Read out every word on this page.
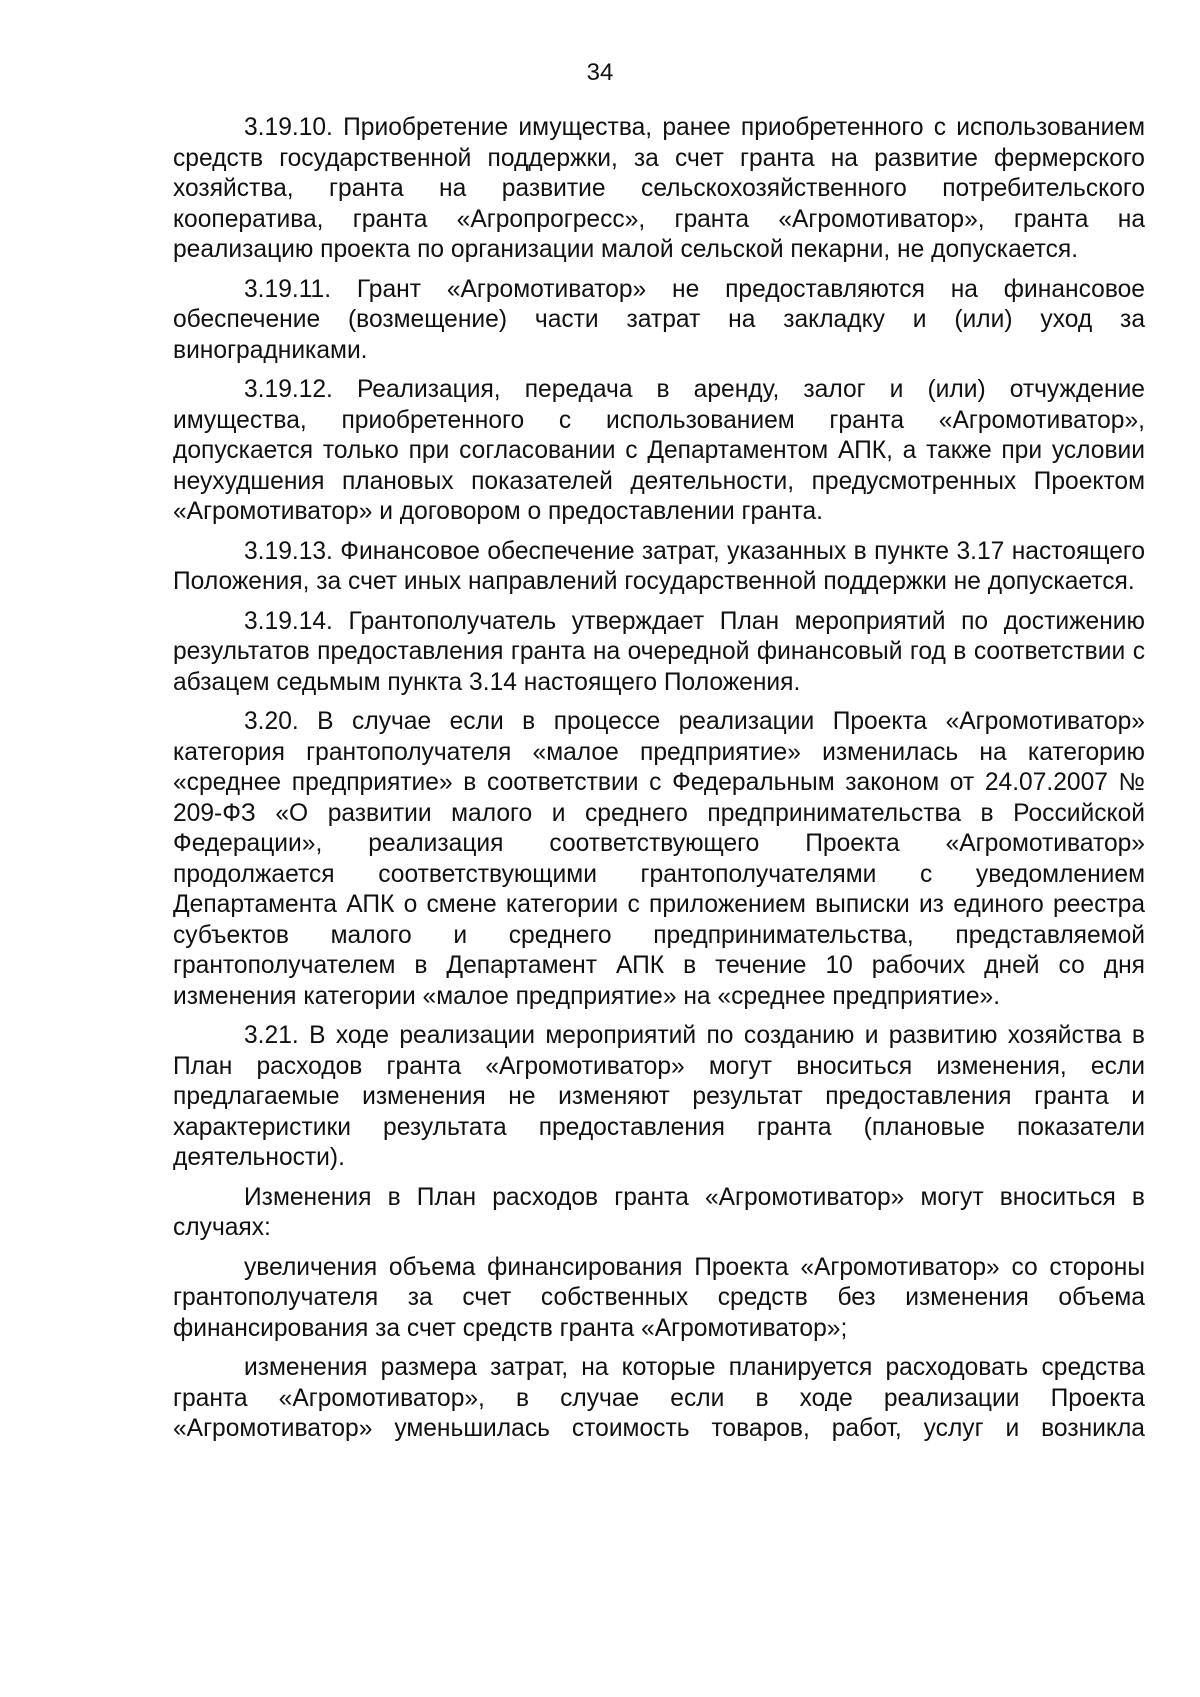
34

3.19.10. Приобретение имущества, ранее приобретенного с использованием средств государственной поддержки, за счет гранта на развитие фермерского хозяйства, гранта на развитие сельскохозяйственного потребительского кооператива, гранта «Агропрогресс», гранта «Агромотиватор», гранта на реализацию проекта по организации малой сельской пекарни, не допускается.

3.19.11. Грант «Агромотиватор» не предоставляются на финансовое обеспечение (возмещение) части затрат на закладку и (или) уход за виноградниками.

3.19.12. Реализация, передача в аренду, залог и (или) отчуждение имущества, приобретенного с использованием гранта «Агромотиватор», допускается только при согласовании с Департаментом АПК, а также при условии неухудшения плановых показателей деятельности, предусмотренных Проектом «Агромотиватор» и договором о предоставлении гранта.

3.19.13. Финансовое обеспечение затрат, указанных в пункте 3.17 настоящего Положения, за счет иных направлений государственной поддержки не допускается.

3.19.14. Грантополучатель утверждает План мероприятий по достижению результатов предоставления гранта на очередной финансовый год в соответствии с абзацем седьмым пункта 3.14 настоящего Положения.

3.20. В случае если в процессе реализации Проекта «Агромотиватор» категория грантополучателя «малое предприятие» изменилась на категорию «среднее предприятие» в соответствии с Федеральным законом от 24.07.2007 № 209-ФЗ «О развитии малого и среднего предпринимательства в Российской Федерации», реализация соответствующего Проекта «Агромотиватор» продолжается соответствующими грантополучателями с уведомлением Департамента АПК о смене категории с приложением выписки из единого реестра субъектов малого и среднего предпринимательства, представляемой грантополучателем в Департамент АПК в течение 10 рабочих дней со дня изменения категории «малое предприятие» на «среднее предприятие».

3.21. В ходе реализации мероприятий по созданию и развитию хозяйства в План расходов гранта «Агромотиватор» могут вноситься изменения, если предлагаемые изменения не изменяют результат предоставления гранта и характеристики результата предоставления гранта (плановые показатели деятельности).

Изменения в План расходов гранта «Агромотиватор» могут вноситься в случаях:

увеличения объема финансирования Проекта «Агромотиватор» со стороны грантополучателя за счет собственных средств без изменения объема финансирования за счет средств гранта «Агромотиватор»;

изменения размера затрат, на которые планируется расходовать средства гранта «Агромотиватор», в случае если в ходе реализации Проекта «Агромотиватор» уменьшилась стоимость товаров, работ, услуг и возникла
